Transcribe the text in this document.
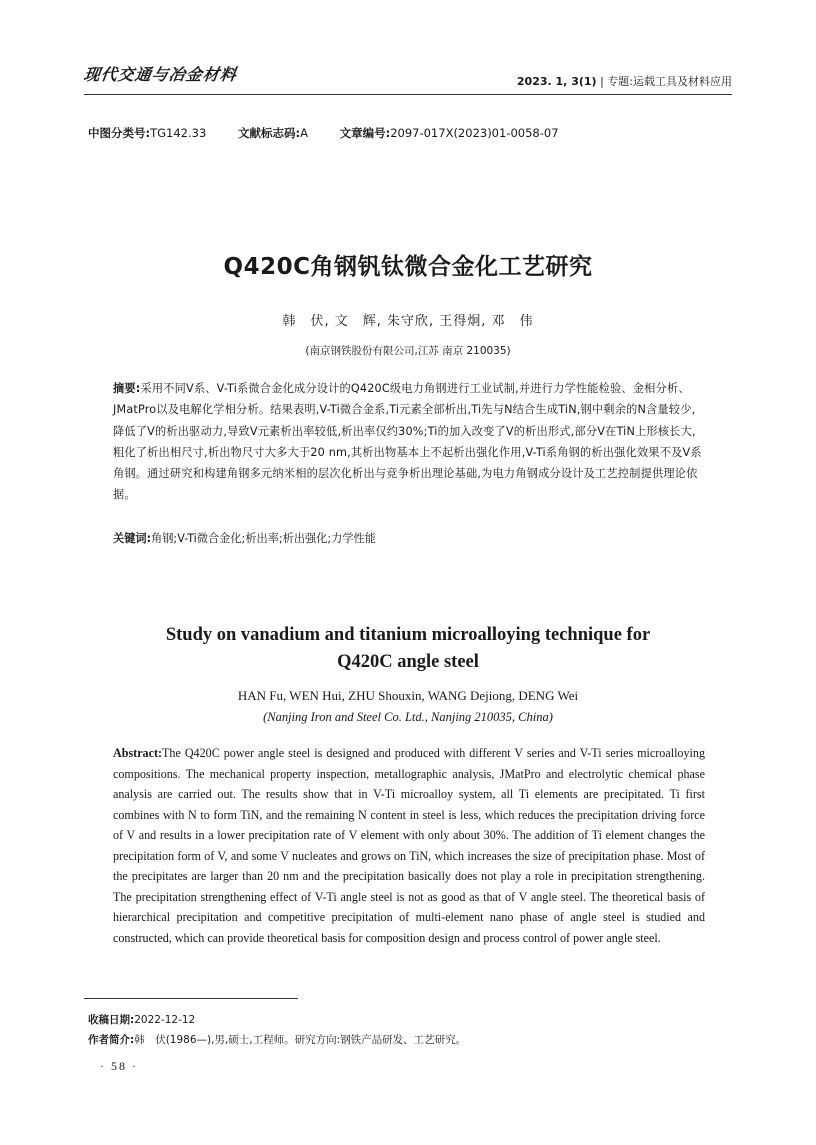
现代交通与冶金材料	2023. 1, 3(1) | 专题:运载工具及材料应用
中图分类号:TG142.33	文献标志码:A	文章编号:2097-017X(2023)01-0058-07
Q420C角钢钒钛微合金化工艺研究
韩　伏, 文　辉, 朱守欣, 王得炯, 邓　伟
(南京钢铁股份有限公司,江苏 南京 210035)
摘要:采用不同V系、V-Ti系微合金化成分设计的Q420C级电力角钢进行工业试制,并进行力学性能检验、金相分析、JMatPro以及电解化学相分析。结果表明,V-Ti微合金系,Ti元素全部析出,Ti先与N结合生成TiN,钢中剩余的N含量较少,降低了V的析出驱动力,导致V元素析出率较低,析出率仅约30%;Ti的加入改变了V的析出形式,部分V在TiN上形核长大,粗化了析出相尺寸,析出物尺寸大多大于20 nm,其析出物基本上不起析出强化作用,V-Ti系角钢的析出强化效果不及V系角钢。通过研究和构建角钢多元纳米相的层次化析出与竞争析出理论基础,为电力角钢成分设计及工艺控制提供理论依据。
关键词:角钢;V-Ti微合金化;析出率;析出强化;力学性能
Study on vanadium and titanium microalloying technique for
Q420C angle steel
HAN Fu, WEN Hui, ZHU Shouxin, WANG Dejiong, DENG Wei
(Nanjing Iron and Steel Co. Ltd., Nanjing 210035, China)
Abstract:The Q420C power angle steel is designed and produced with different V series and V-Ti series microalloying compositions. The mechanical property inspection, metallographic analysis, JMatPro and electrolytic chemical phase analysis are carried out. The results show that in V-Ti microalloy system, all Ti elements are precipitated. Ti first combines with N to form TiN, and the remaining N content in steel is less, which reduces the precipitation driving force of V and results in a lower precipitation rate of V element with only about 30%. The addition of Ti element changes the precipitation form of V, and some V nucleates and grows on TiN, which increases the size of precipitation phase. Most of the precipitates are larger than 20 nm and the precipitation basically does not play a role in precipitation strengthening. The precipitation strengthening effect of V-Ti angle steel is not as good as that of V angle steel. The theoretical basis of hierarchical precipitation and competitive precipitation of multi-element nano phase of angle steel is studied and constructed, which can provide theoretical basis for composition design and process control of power angle steel.
收稿日期:2022-12-12
作者简介:韩　伏(1986—),男,硕士,工程师。研究方向:钢铁产品研发、工艺研究。
· 58 ·
